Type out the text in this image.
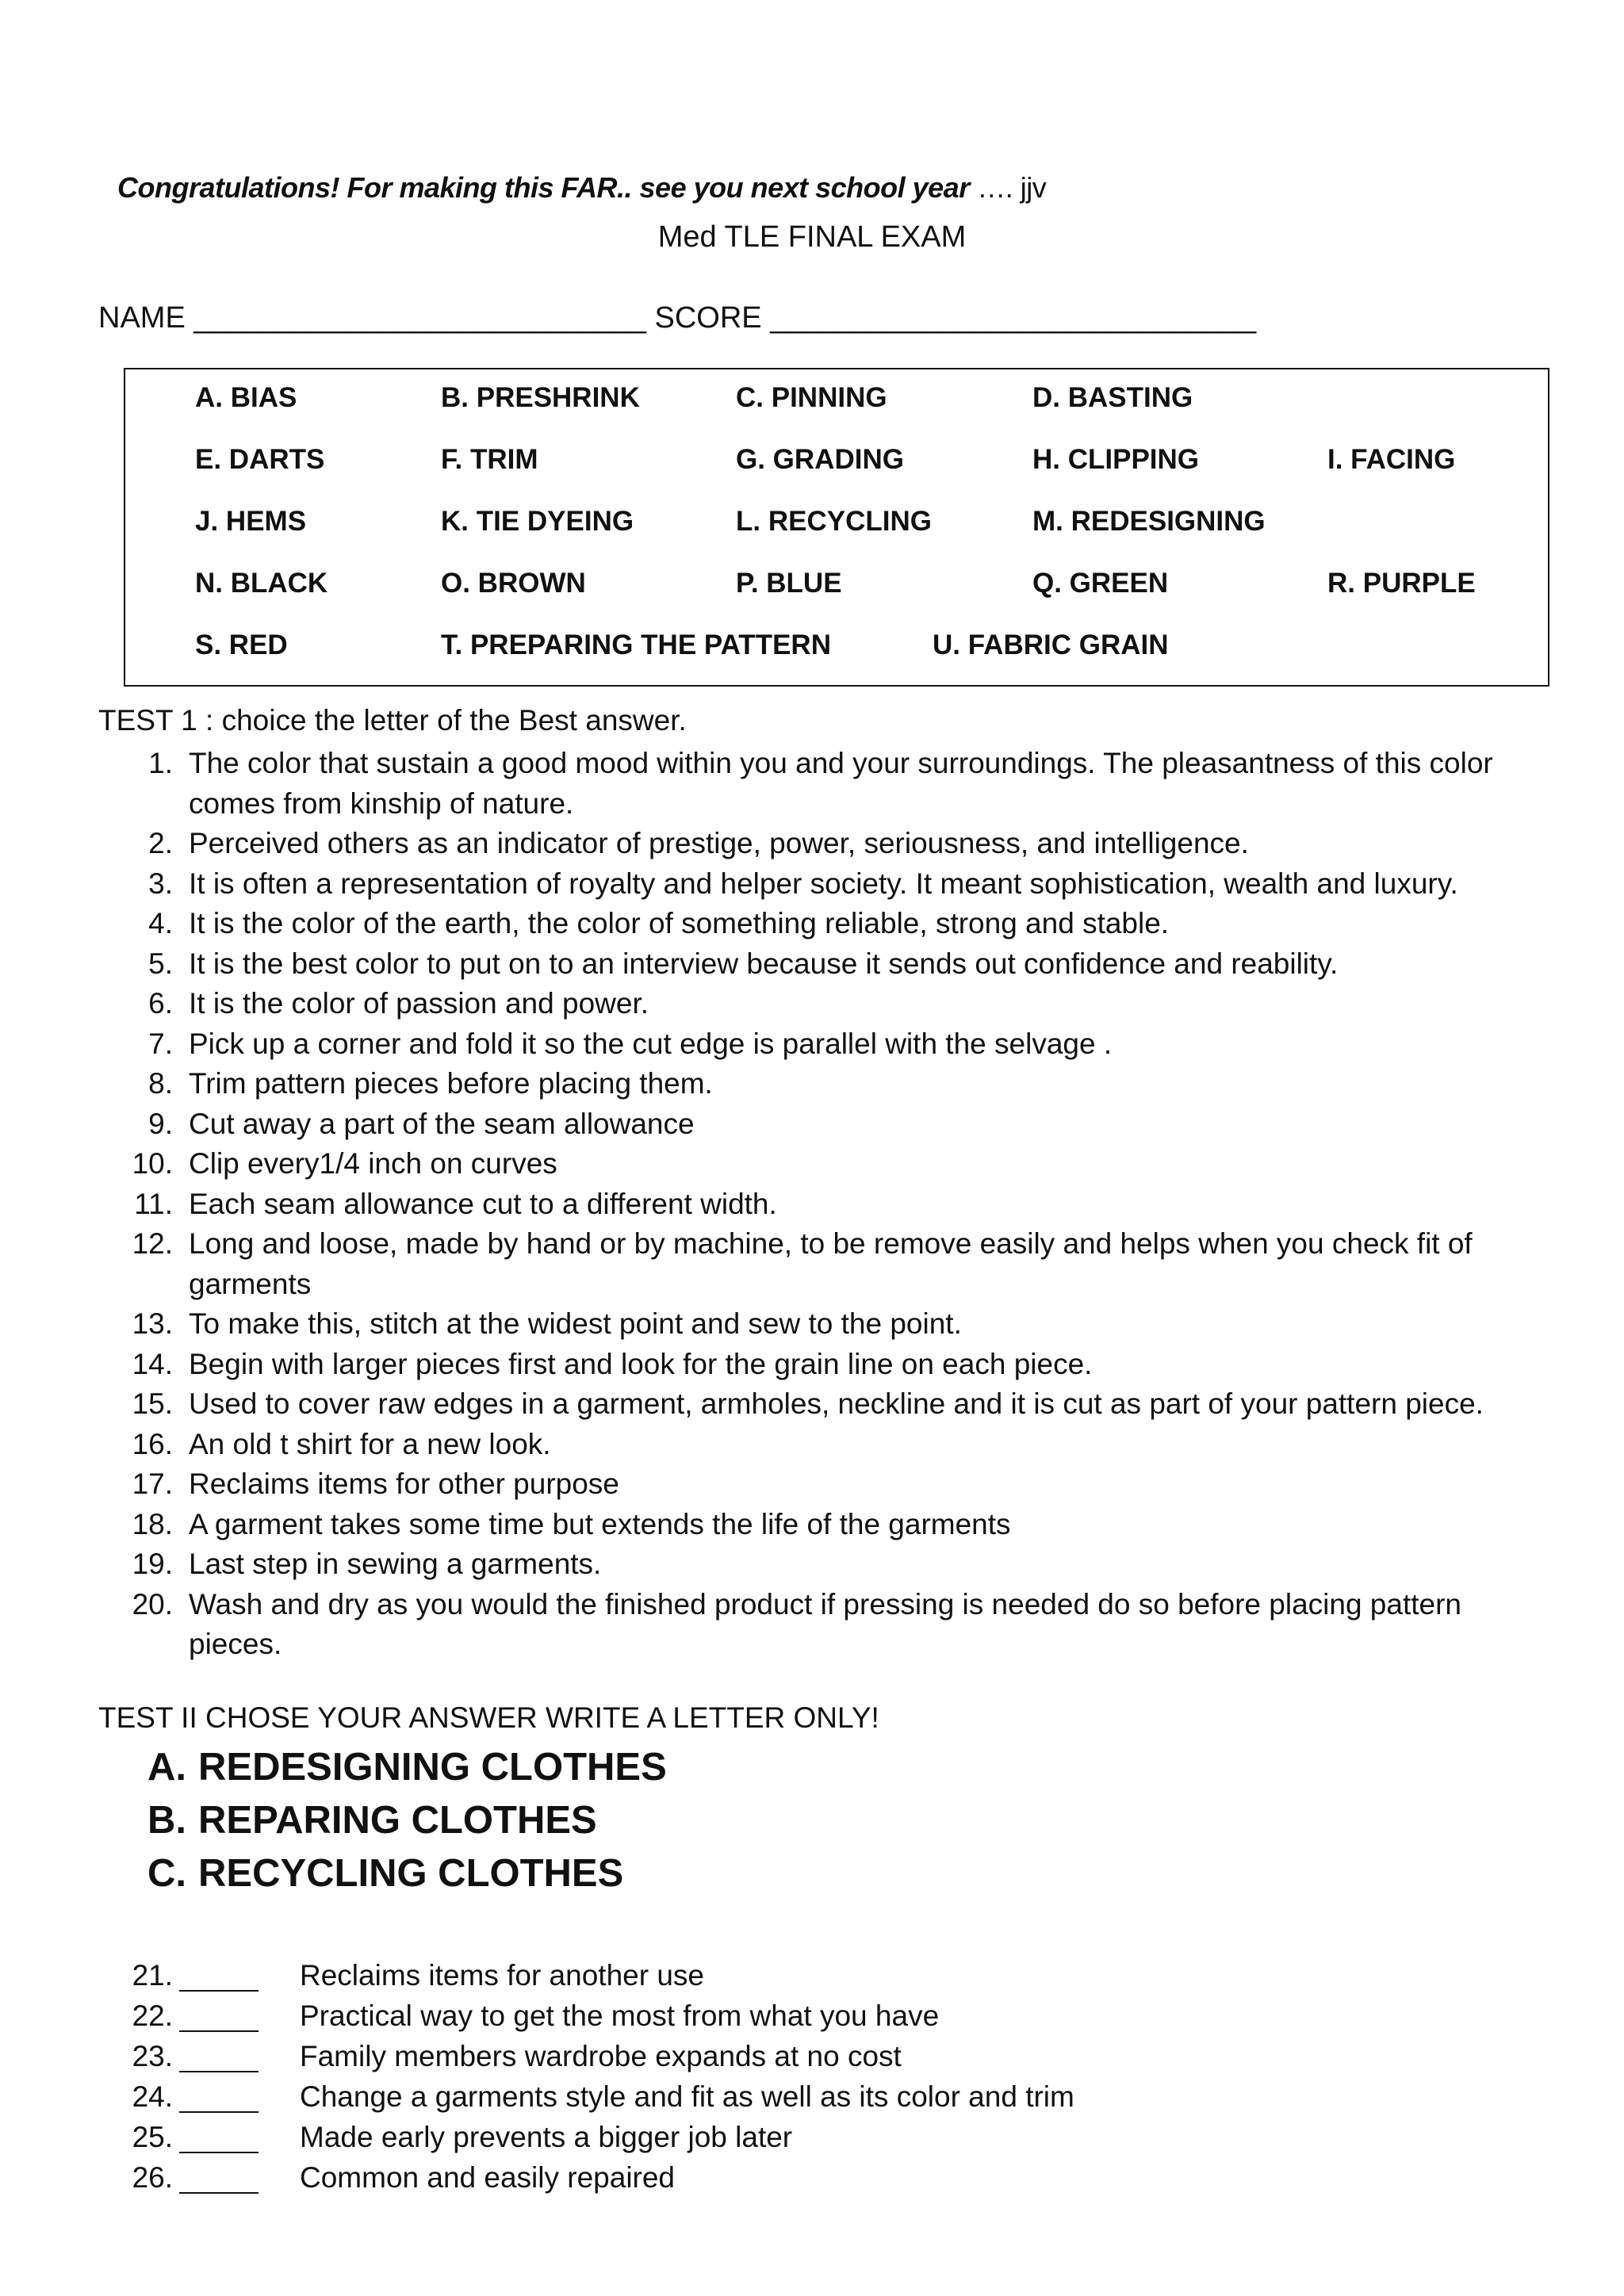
Congratulations! For making this FAR.. see you next school year …. jjv
Med TLE FINAL EXAM
NAME ___________________________ SCORE _____________________________
A. BIAS	B. PRESHRINK	C. PINNING	D. BASTING
E. DARTS	F. TRIM	G. GRADING	H. CLIPPING	I. FACING
J. HEMS	K. TIE DYEING	L. RECYCLING	M. REDESIGNING
N. BLACK	O. BROWN	P. BLUE	Q. GREEN	R. PURPLE
S. RED	T. PREPARING THE PATTERN	U. FABRIC GRAIN
TEST 1 : choice the letter of the Best answer.
1. The color that sustain a good mood within you and your surroundings. The pleasantness of this color
comes from kinship of nature.
2. Perceived others as an indicator of prestige, power, seriousness, and intelligence.
3. It is often a representation of royalty and helper society. It meant sophistication, wealth and luxury.
4. It is the color of the earth, the color of something reliable, strong and stable.
5. It is the best color to put on to an interview because it sends out confidence and reability.
6. It is the color of passion and power.
7. Pick up a corner and fold it so the cut edge is parallel with the selvage .
8. Trim pattern pieces before placing them.
9. Cut away a part of the seam allowance
10. Clip every1/4 inch on curves
11. Each seam allowance cut to a different width.
12. Long and loose, made by hand or by machine, to be remove easily and helps when you check fit of
garments
13. To make this, stitch at the widest point and sew to the point.
14. Begin with larger pieces first and look for the grain line on each piece.
15. Used to cover raw edges in a garment, armholes, neckline and it is cut as part of your pattern piece.
16. An old t shirt for a new look.
17. Reclaims items for other purpose
18. A garment takes some time but extends the life of the garments
19. Last step in sewing a garments.
20. Wash and dry as you would the finished product if pressing is needed do so before placing pattern
pieces.
TEST II CHOSE YOUR ANSWER WRITE A LETTER ONLY!
A. REDESIGNING CLOTHES
B. REPARING CLOTHES
C. RECYCLING CLOTHES
21.	Reclaims items for another use
22.	Practical way to get the most from what you have
23.	Family members wardrobe expands at no cost
24.	Change a garments style and fit as well as its color and trim
25.	Made early prevents a bigger job later
26.	Common and easily repaired
